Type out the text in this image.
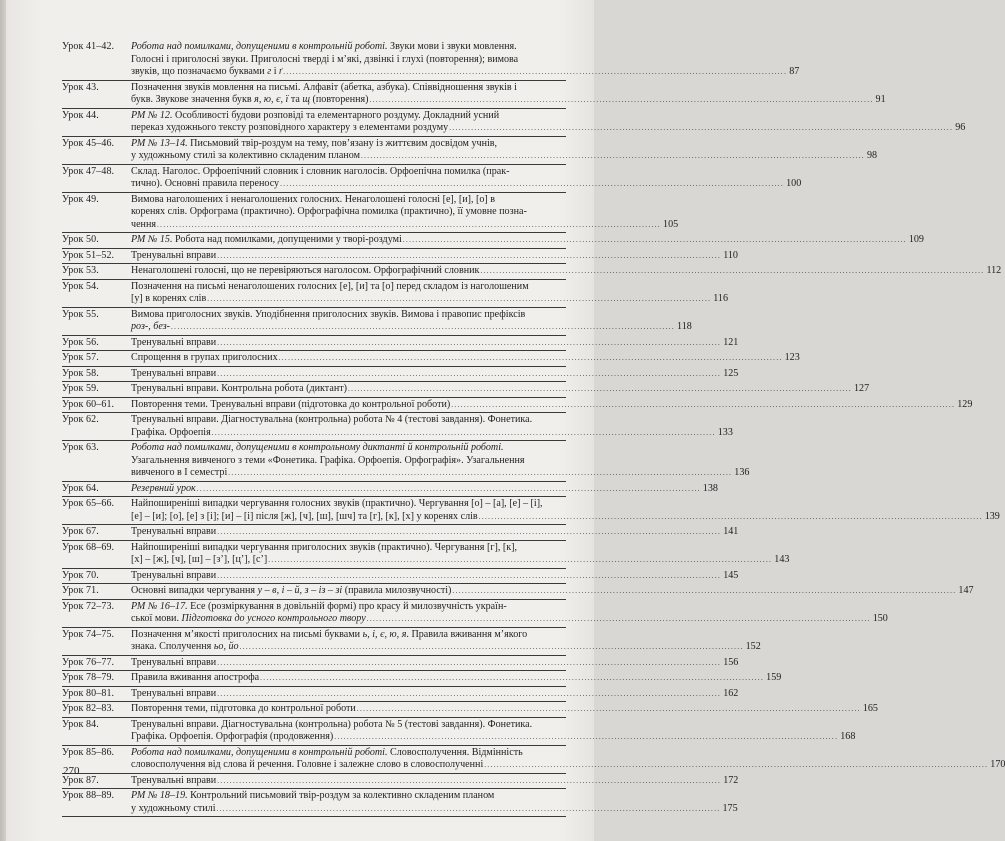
Урок 41–42.	Робота над помилками, допущеними в контрольній роботі. Звуки мови і звуки мовлення.
Голосні і приголосні звуки. Приголосні тверді і м’які, дзвінкі і глухі (повторення); вимова
звуків, що позначаємо буквами г і ґ ................................................................................................................................................................ 87
Урок 43.	Позначення звуків мовлення на письмі. Алфавіт (абетка, азбука). Співвідношення звуків і
букв. Звукове значення букв я, ю, є, ї та щ (повторення) ................................................................................................................................................................ 91
Урок 44.	РМ № 12. Особливості будови розповіді та елементарного роздуму. Докладний усний
переказ художнього тексту розповідного характеру з елементами роздуму ................................................................................................................................................................ 96
Урок 45–46.	РМ № 13–14. Письмовий твір-роздум на тему, пов’язану із життєвим досвідом учнів,
у художньому стилі за колективно складеним планом ................................................................................................................................................................ 98
Урок 47–48.	Склад. Наголос. Орфоепічний словник і словник наголосів. Орфоепічна помилка (прак-
тично). Основні правила переносу ................................................................................................................................................................ 100
Урок 49.	Вимова наголошених і ненаголошених голосних. Ненаголошені голосні [е], [и], [о] в
коренях слів. Орфограма (практично). Орфографічна помилка (практично), її умовне позна-
чення ................................................................................................................................................................ 105
Урок 50.	РМ № 15. Робота над помилками, допущеними у творі-роздумі ................................................................................................................................................................ 109
Урок 51–52.	Тренувальні вправи ................................................................................................................................................................ 110
Урок 53.	Ненаголошені голосні, що не перевіряються наголосом. Орфографічний словник ................................................................................................................................................................ 112
Урок 54.	Позначення на письмі ненаголошених голосних [е], [и] та [о] перед складом із наголошеним
[у] в коренях слів ................................................................................................................................................................ 116
Урок 55.	Вимова приголосних звуків. Уподібнення приголосних звуків. Вимова і правопис префіксів
роз-, без- ................................................................................................................................................................ 118
Урок 56.	Тренувальні вправи ................................................................................................................................................................ 121
Урок 57.	Спрощення в групах приголосних ................................................................................................................................................................ 123
Урок 58.	Тренувальні вправи ................................................................................................................................................................ 125
Урок 59.	Тренувальні вправи. Контрольна робота (диктант) ................................................................................................................................................................ 127
Урок 60–61.	Повторення теми. Тренувальні вправи (підготовка до контрольної роботи) ................................................................................................................................................................ 129
Урок 62.	Тренувальні вправи. Діагностувальна (контрольна) робота № 4 (тестові завдання). Фонетика.
Графіка. Орфоепія ................................................................................................................................................................ 133
Урок 63.	Робота над помилками, допущеними в контрольному диктанті й контрольній роботі.
Узагальнення вивченого з теми «Фонетика. Графіка. Орфоепія. Орфографія». Узагальнення
вивченого в І семестрі ................................................................................................................................................................ 136
Урок 64.	Резервний урок ................................................................................................................................................................ 138
Урок 65–66.	Найпоширеніші випадки чергування голосних звуків (практично). Чергування [о] – [а], [е] – [і],
[е] – [и]; [о], [е] з [і]; [и] – [і] після [ж], [ч], [ш], [шч] та [г], [к], [х] у коренях слів ................................................................................................................................................................ 139
Урок 67.	Тренувальні вправи ................................................................................................................................................................ 141
Урок 68–69.	Найпоширеніші випадки чергування приголосних звуків (практично). Чергування [г], [к],
[х] – [ж], [ч], [ш] – [з’], [ц’], [с’] ................................................................................................................................................................ 143
Урок 70.	Тренувальні вправи ................................................................................................................................................................ 145
Урок 71.	Основні випадки чергування у – в, і – й, з – із – зі (правила милозвучності) ................................................................................................................................................................ 147
Урок 72–73.	РМ № 16–17. Есе (розміркування в довільній формі) про красу й милозвучність україн-
ської мови. Підготовка до усного контрольного твору ................................................................................................................................................................ 150
Урок 74–75.	Позначення м’якості приголосних на письмі буквами ь, і, є, ю, я. Правила вживання м’якого
знака. Сполучення ьо, йо ................................................................................................................................................................ 152
Урок 76–77.	Тренувальні вправи ................................................................................................................................................................ 156
Урок 78–79.	Правила вживання апострофа ................................................................................................................................................................ 159
Урок 80–81.	Тренувальні вправи ................................................................................................................................................................ 162
Урок 82–83.	Повторення теми, підготовка до контрольної роботи ................................................................................................................................................................ 165
Урок 84.	Тренувальні вправи. Діагностувальна (контрольна) робота № 5 (тестові завдання). Фонетика.
Графіка. Орфоепія. Орфографія (продовження) ................................................................................................................................................................ 168
Урок 85–86.	Робота над помилками, допущеними в контрольній роботі. Словосполучення. Відмінність
словосполучення від слова й речення. Головне і залежне слово в словосполученні ................................................................................................................................................................ 170
Урок 87.	Тренувальні вправи ................................................................................................................................................................ 172
Урок 88–89.	РМ № 18–19. Контрольний письмовий твір-роздум за колективно складеним планом
у художньому стилі ................................................................................................................................................................ 175
270
